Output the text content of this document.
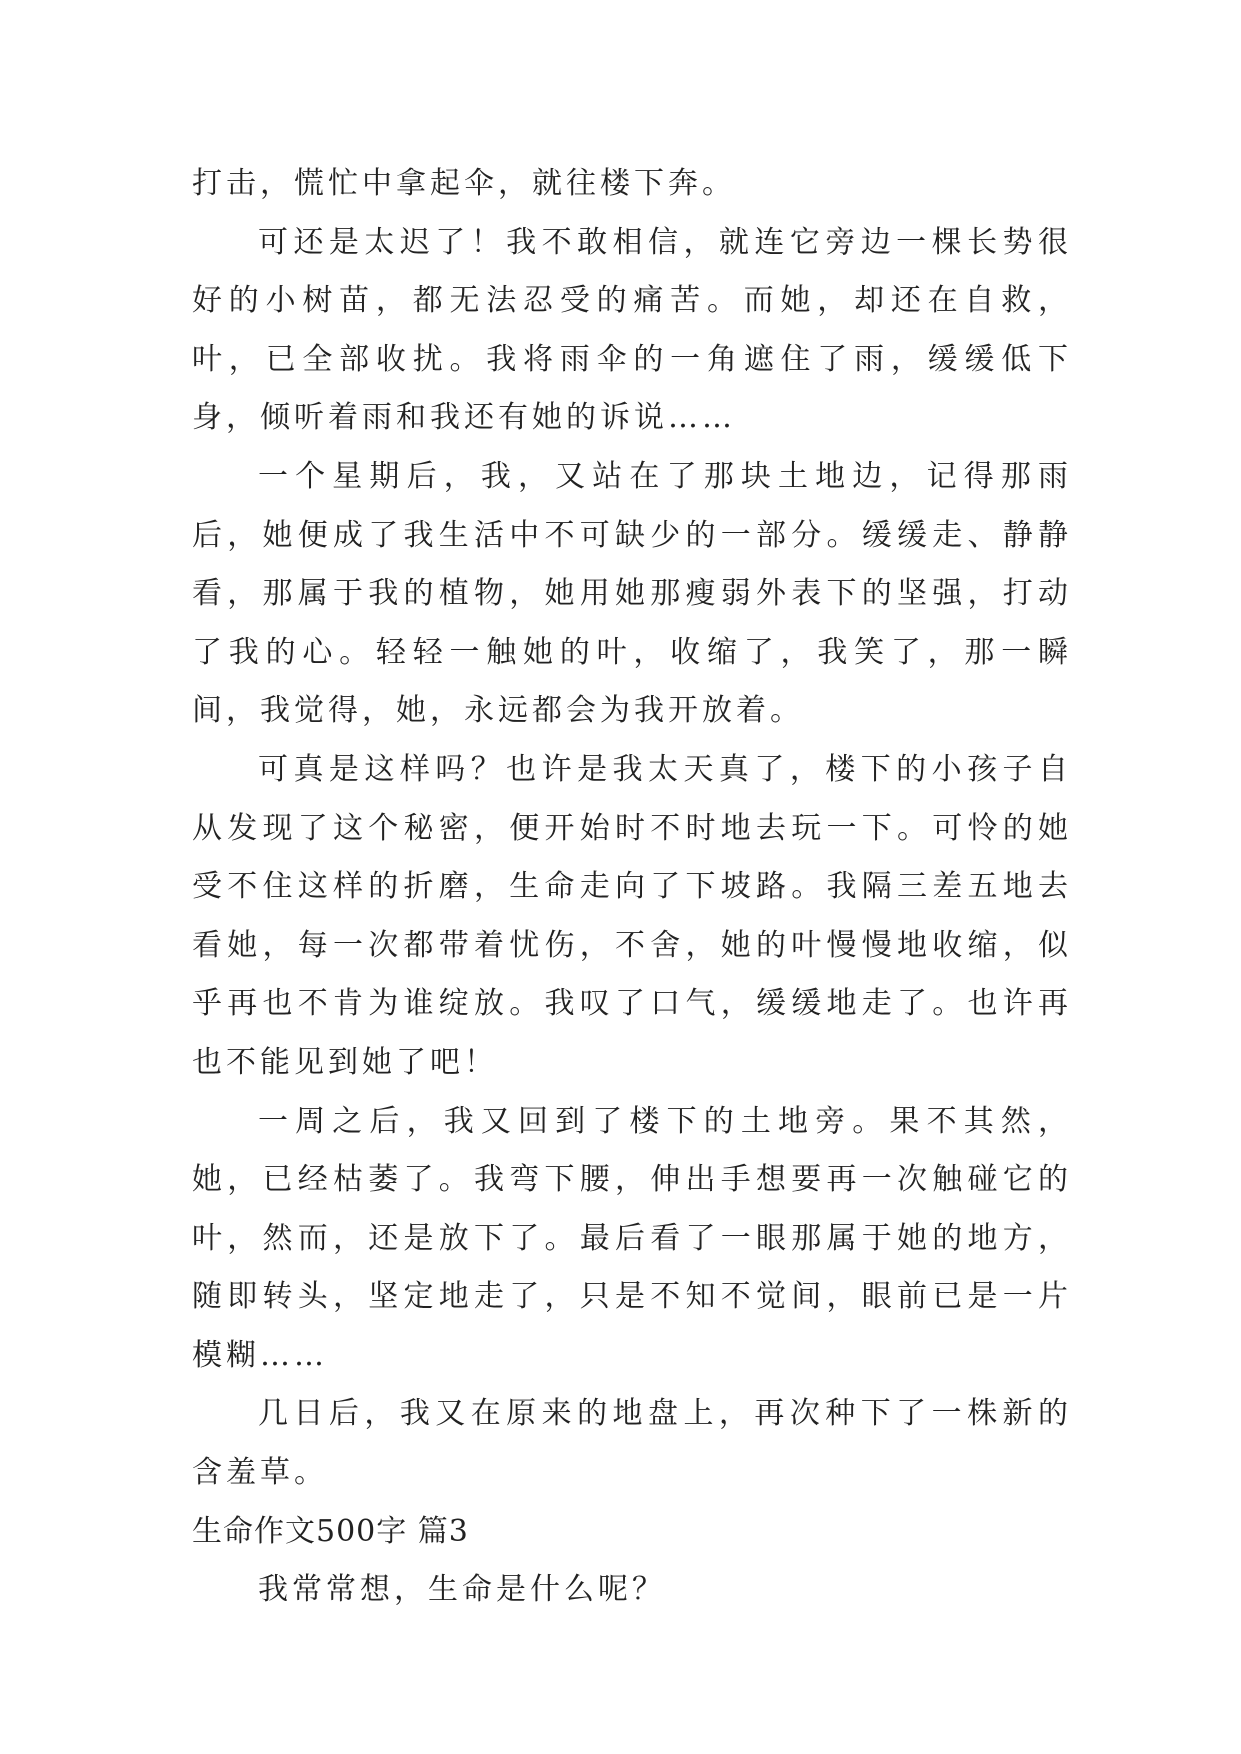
打击，慌忙中拿起伞，就往楼下奔。

可还是太迟了！我不敢相信，就连它旁边一棵长势很好的小树苗，都无法忍受的痛苦。而她，却还在自救，叶，已全部收扰。我将雨伞的一角遮住了雨，缓缓低下身，倾听着雨和我还有她的诉说……

一个星期后，我，又站在了那块土地边，记得那雨后，她便成了我生活中不可缺少的一部分。缓缓走、静静看，那属于我的植物，她用她那瘦弱外表下的坚强，打动了我的心。轻轻一触她的叶，收缩了，我笑了，那一瞬间，我觉得，她，永远都会为我开放着。

可真是这样吗？也许是我太天真了，楼下的小孩子自从发现了这个秘密，便开始时不时地去玩一下。可怜的她受不住这样的折磨，生命走向了下坡路。我隔三差五地去看她，每一次都带着忧伤，不舍，她的叶慢慢地收缩，似乎再也不肯为谁绽放。我叹了口气，缓缓地走了。也许再也不能见到她了吧！

一周之后，我又回到了楼下的土地旁。果不其然，她，已经枯萎了。我弯下腰，伸出手想要再一次触碰它的叶，然而，还是放下了。最后看了一眼那属于她的地方，随即转头，坚定地走了，只是不知不觉间，眼前已是一片模糊……

几日后，我又在原来的地盘上，再次种下了一株新的含羞草。

生命作文500字 篇3

我常常想，生命是什么呢？
